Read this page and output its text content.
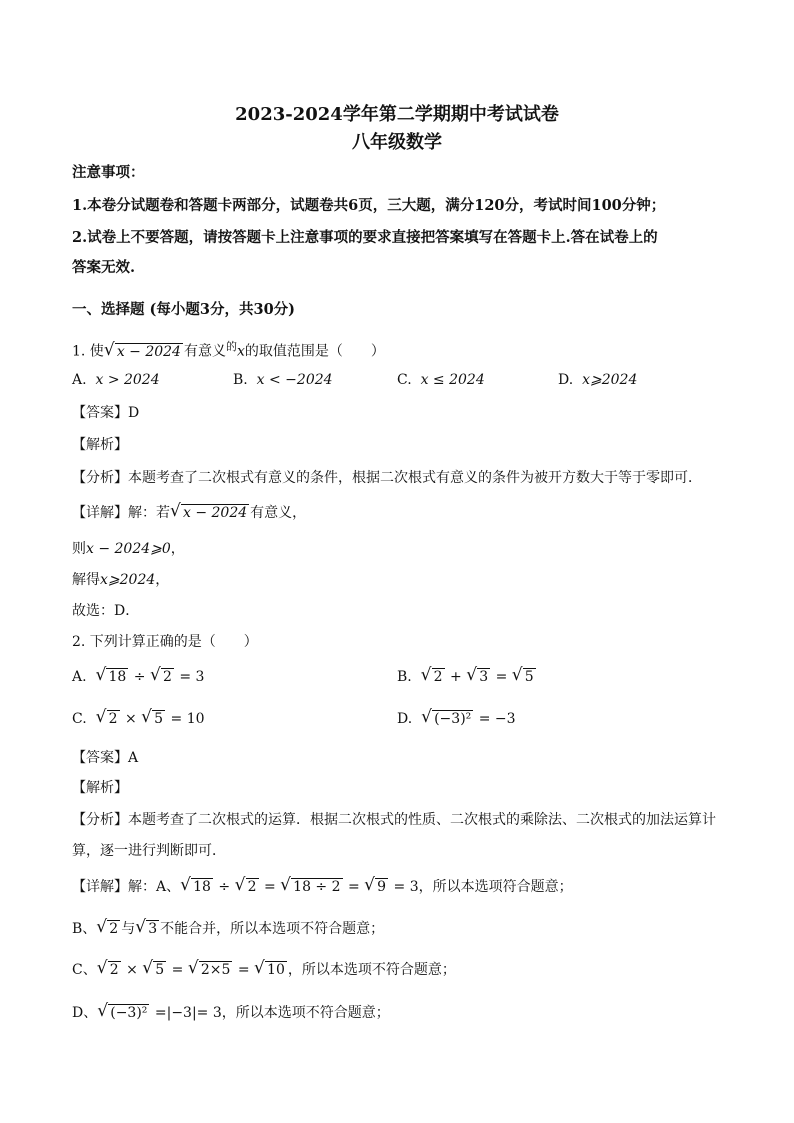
2023-2024学年第二学期期中考试试卷
八年级数学
注意事项：
1.本卷分试题卷和答题卡两部分，试题卷共6页，三大题，满分120分，考试时间100分钟；
2.试卷上不要答题，请按答题卡上注意事项的要求直接把答案填写在答题卡上.答在试卷上的
答案无效.
一、选择题 (每小题3分，共30分)
1. 使 √ x − 2024 有意义$^的$x的取值范围是（　　）
A. x > 2024	B. x < −2024	C. x ≤ 2024	D. x⩾2024
【答案】D
【解析】
【分析】本题考查了二次根式有意义的条件，根据二次根式有意义的条件为被开方数大于等于零即可．
【详解】解：若 √ x − 2024 有意义，
则x − 2024⩾0，
解得x⩾2024，
故选：D．
2. 下列计算正确的是（　　）
A. √ 18 ÷ √ 2 = 3	B. √ 2 + √ 3 = √ 5
C. √ 2 × √ 5 = 10	D. √ (−3)² = −3
【答案】A
【解析】
【分析】本题考查了二次根式的运算．根据二次根式的性质、二次根式的乘除法、二次根式的加法运算计
算，逐一进行判断即可．
【详解】解：A、 √ 18 ÷ √ 2 = √ 18 ÷ 2 = √ 9 = 3，所以本选项符合题意；
B、 √ 2 与 √ 3 不能合并，所以本选项不符合题意；
C、 √ 2 × √ 5 = √ 2×5 = √ 10 ，所以本选项不符合题意；
D、 √ (−3)² =|−3|= 3，所以本选项不符合题意；
